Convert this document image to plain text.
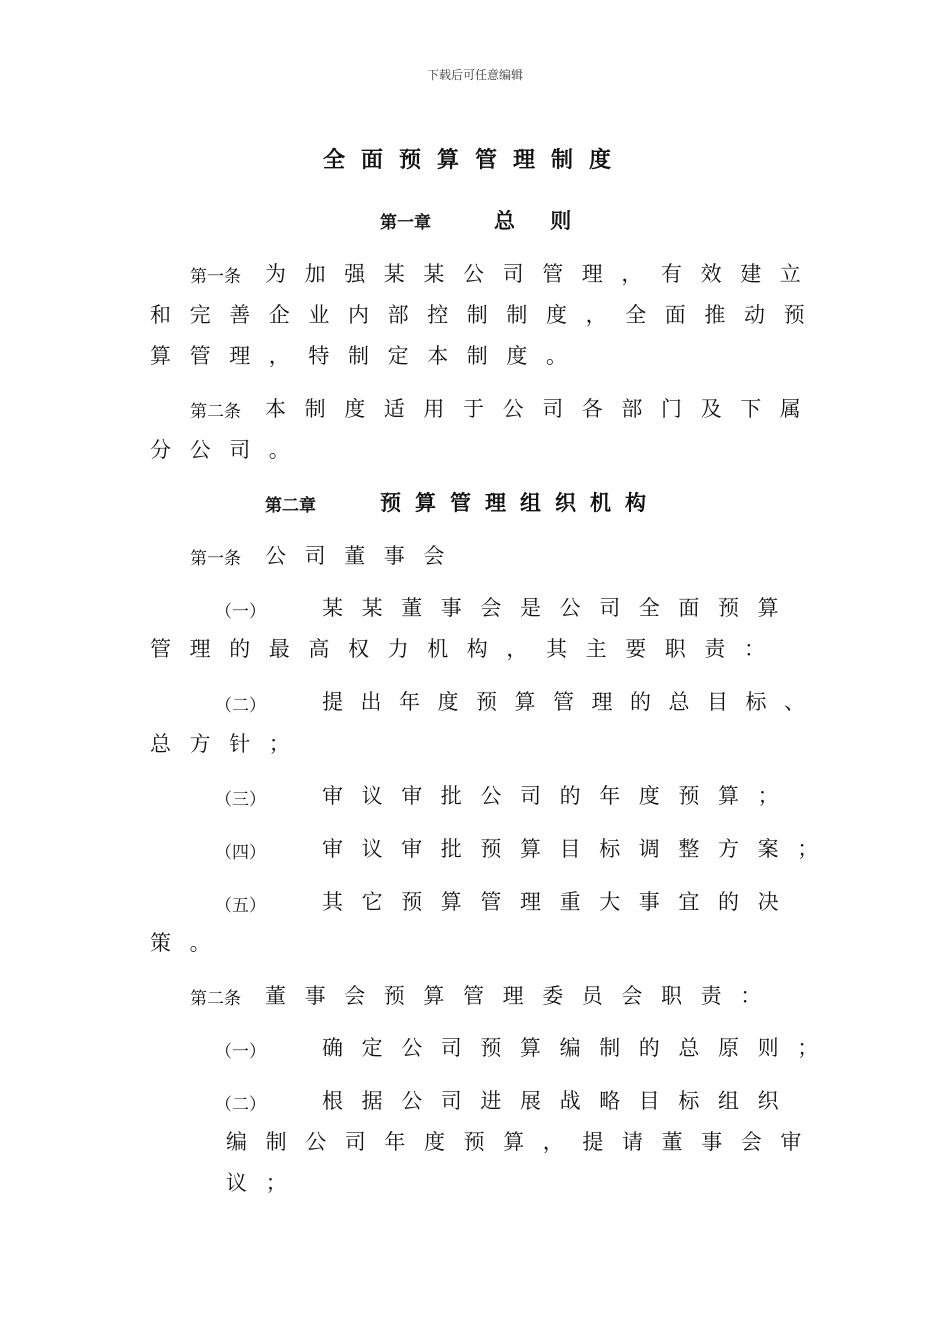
下载后可任意编辑
全面预算管理制度
第一章	总 则
第一条 为加强某某公司管理，有效建立
和完善企业内部控制制度，全面推动预
算管理，特制定本制度。
第二条 本制度适用于公司各部门及下属
分公司。
第二章	预算管理组织机构
第一条 公司董事会
（一）	某某董事会是公司全面预算
管理的最高权力机构，其主要职责：
（二）	提出年度预算管理的总目标、
总方针；
（三）	审议审批公司的年度预算；
（四）	审议审批预算目标调整方案；
（五）	其它预算管理重大事宜的决
策。
第二条 董事会预算管理委员会职责：
（一）	确定公司预算编制的总原则；
（二）	根据公司进展战略目标组织
编制公司年度预算，提请董事会审
议；
